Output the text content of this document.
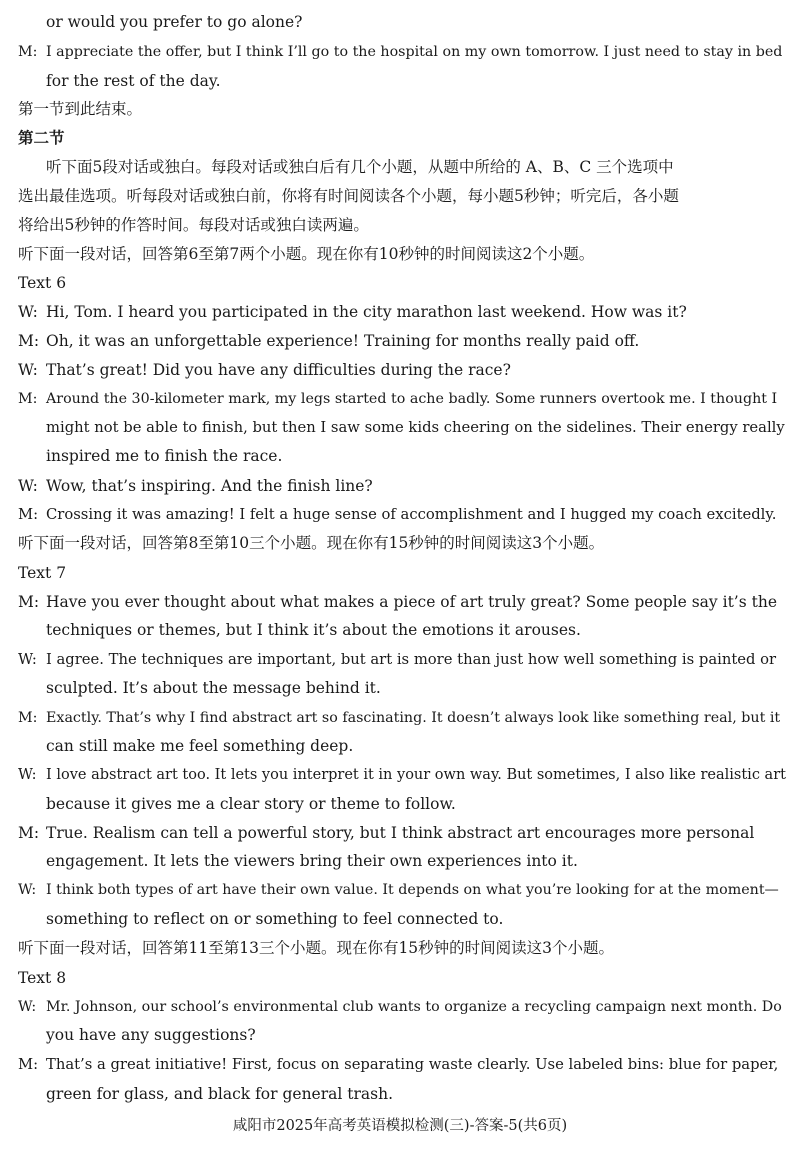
or would you prefer to go alone?
M: I appreciate the offer, but I think I’ll go to the hospital on my own tomorrow. I just need to stay in bed
for the rest of the day.
第一节到此结束。
第二节
听下面5段对话或独白。每段对话或独白后有几个小题，从题中所给的 A、B、C 三个选项中
选出最佳选项。听每段对话或独白前，你将有时间阅读各个小题，每小题5秒钟；听完后，各小题
将给出5秒钟的作答时间。每段对话或独白读两遍。
听下面一段对话，回答第6至第7两个小题。现在你有10秒钟的时间阅读这2个小题。
Text 6
W: Hi, Tom. I heard you participated in the city marathon last weekend. How was it?
M: Oh, it was an unforgettable experience! Training for months really paid off.
W: That’s great! Did you have any difficulties during the race?
M: Around the 30-kilometer mark, my legs started to ache badly. Some runners overtook me. I thought I
might not be able to finish, but then I saw some kids cheering on the sidelines. Their energy really
inspired me to finish the race.
W: Wow, that’s inspiring. And the finish line?
M: Crossing it was amazing! I felt a huge sense of accomplishment and I hugged my coach excitedly.
听下面一段对话，回答第8至第10三个小题。现在你有15秒钟的时间阅读这3个小题。
Text 7
M: Have you ever thought about what makes a piece of art truly great? Some people say it’s the
techniques or themes, but I think it’s about the emotions it arouses.
W: I agree. The techniques are important, but art is more than just how well something is painted or
sculpted. It’s about the message behind it.
M: Exactly. That’s why I find abstract art so fascinating. It doesn’t always look like something real, but it
can still make me feel something deep.
W: I love abstract art too. It lets you interpret it in your own way. But sometimes, I also like realistic art
because it gives me a clear story or theme to follow.
M: True. Realism can tell a powerful story, but I think abstract art encourages more personal
engagement. It lets the viewers bring their own experiences into it.
W: I think both types of art have their own value. It depends on what you’re looking for at the moment—
something to reflect on or something to feel connected to.
听下面一段对话，回答第11至第13三个小题。现在你有15秒钟的时间阅读这3个小题。
Text 8
W: Mr. Johnson, our school’s environmental club wants to organize a recycling campaign next month. Do
you have any suggestions?
M: That’s a great initiative! First, focus on separating waste clearly. Use labeled bins: blue for paper,
green for glass, and black for general trash.
咸阳市2025年高考英语模拟检测(三)-答案-5(共6页)
